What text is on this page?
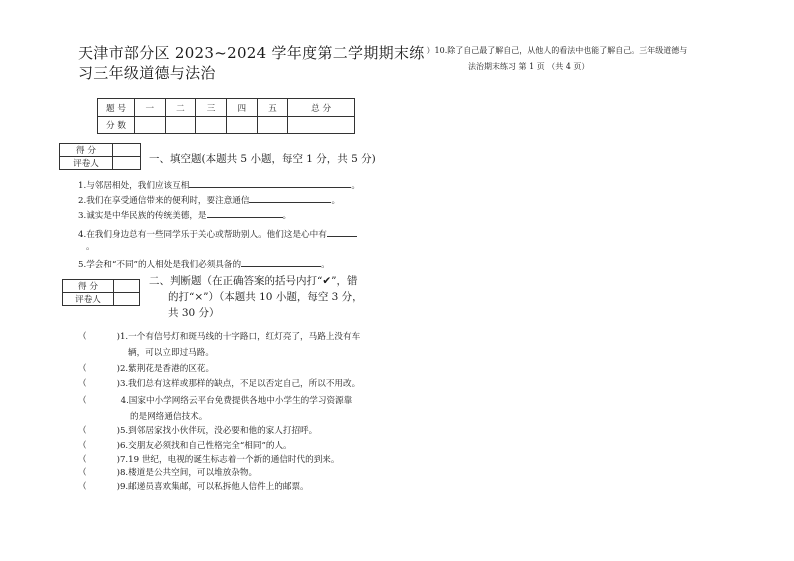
天津市部分区 2023~2024 学年度第二学期期末练
习三年级道德与法治
题 号	一	二	三	四	五	总 分
分 数						
得 分	
评卷人		一、填空题(本题共 5 小题，每空 1 分，共 5 分)
1.与邻居相处，我们应该互相	。
2.我们在享受通信带来的便利时，要注意通信	。
3.诚实是中华民族的传统美德，是	。
4.在我们身边总有一些同学乐于关心或帮助别人。他们这是心中有
。
5.学会和“不同”的人相处是我们必须具备的	。
得 分	
评卷人	
二、判断题（在正确答案的括号内打“✔”，错
的打“×”）（本题共 10 小题，每空 3 分，
共 30 分）
（	)1.一个有信号灯和斑马线的十字路口，红灯亮了，马路上没有车
辆，可以立即过马路。
（	)2.紫荆花是香港的区花。
（	)3.我们总有这样或那样的缺点，不足以否定自己，所以不用改。
（	4.国家中小学网络云平台免费提供各地中小学生的学习资源靠
的是网络通信技术。
（	)5.到邻居家找小伙伴玩，没必要和他的家人打招呼。
（	)6.交朋友必须找和自己性格完全“相同”的人。
（	)7.19 世纪，电视的诞生标志着一个新的通信时代的到来。
（	)8.楼道是公共空间，可以堆放杂物。
（	)9.邮递员喜欢集邮，可以私拆他人信件上的邮票。
（ ）10.除了自己最了解自己，从他人的看法中也能了解自己。三年级道德与
法治期末练习 第 1 页 （共 4 页）
